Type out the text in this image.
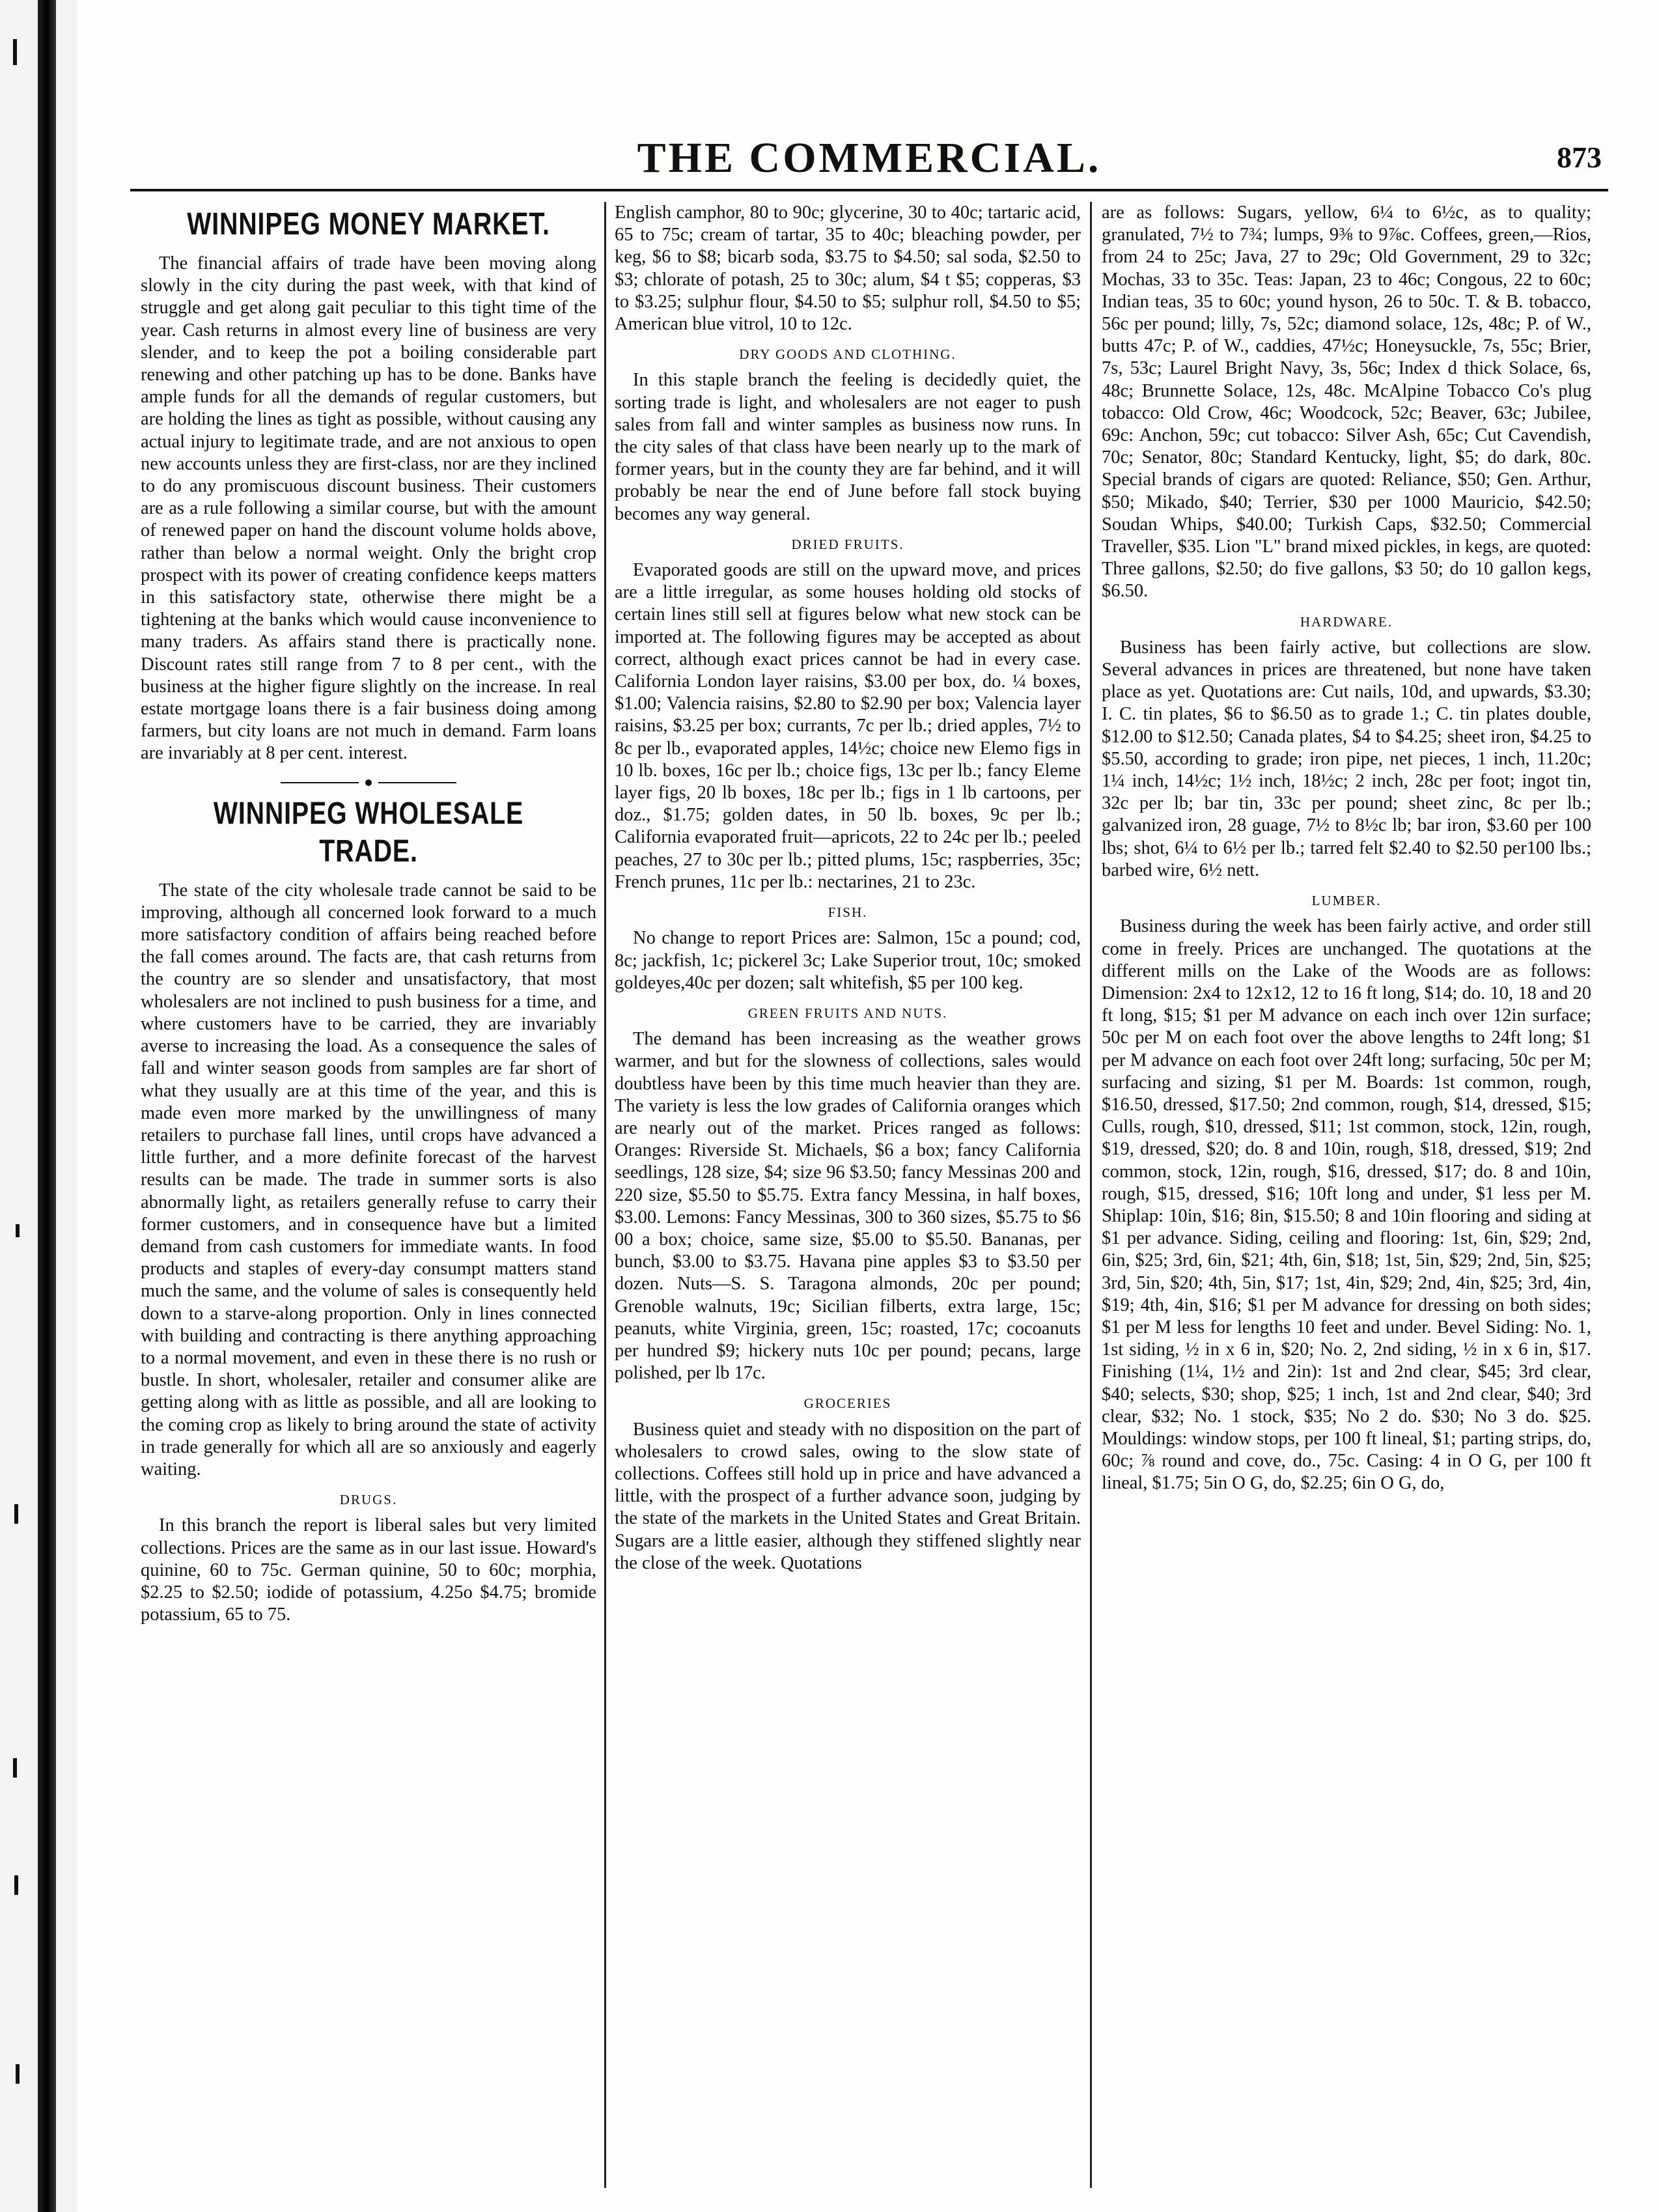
THE COMMERCIAL.	873
WINNIPEG MONEY MARKET.

The financial affairs of trade have been moving along slowly in the city during the past week, with that kind of struggle and get along gait peculiar to this tight time of the year. Cash returns in almost every line of business are very slender, and to keep the pot a boiling considerable part renewing and other patching up has to be done. Banks have ample funds for all the demands of regular customers, but are holding the lines as tight as possible, without causing any actual injury to legitimate trade, and are not anxious to open new accounts unless they are first-class, nor are they inclined to do any promiscuous discount business. Their customers are as a rule following a similar course, but with the amount of renewed paper on hand the discount volume holds above, rather than below a normal weight. Only the bright crop prospect with its power of creating confidence keeps matters in this satisfactory state, otherwise there might be a tightening at the banks which would cause inconvenience to many traders. As affairs stand there is practically none. Discount rates still range from 7 to 8 per cent., with the business at the higher figure slightly on the increase. In real estate mortgage loans there is a fair business doing among farmers, but city loans are not much in demand. Farm loans are invariably at 8 per cent. interest.

WINNIPEG WHOLESALE TRADE.

The state of the city wholesale trade cannot be said to be improving, although all concerned look forward to a much more satisfactory condition of affairs being reached before the fall comes around. The facts are, that cash returns from the country are so slender and unsatisfactory, that most wholesalers are not inclined to push business for a time, and where customers have to be carried, they are invariably averse to increasing the load. As a consequence the sales of fall and winter season goods from samples are far short of what they usually are at this time of the year, and this is made even more marked by the unwillingness of many retailers to purchase fall lines, until crops have advanced a little further, and a more definite forecast of the harvest results can be made. The trade in summer sorts is also abnormally light, as retailers generally refuse to carry their former customers, and in consequence have but a limited demand from cash customers for immediate wants. In food products and staples of every-day consumpt matters stand much the same, and the volume of sales is consequently held down to a starve-along proportion. Only in lines connected with building and contracting is there anything approaching to a normal movement, and even in these there is no rush or bustle. In short, wholesaler, retailer and consumer alike are getting along with as little as possible, and all are looking to the coming crop as likely to bring around the state of activity in trade generally for which all are so anxiously and eagerly waiting.

DRUGS.

In this branch the report is liberal sales but very limited collections. Prices are the same as in our last issue. Howard's quinine, 60 to 75c. German quinine, 50 to 60c; morphia, $2.25 to $2.50; iodide of potassium, 4.25o $4.75; bromide potassium, 65 to 75.

English camphor, 80 to 90c; glycerine, 30 to 40c; tartaric acid, 65 to 75c; cream of tartar, 35 to 40c; bleaching powder, per keg, $6 to $8; bicarb soda, $3.75 to $4.50; sal soda, $2.50 to $3; chlorate of potash, 25 to 30c; alum, $4 t $5; copperas, $3 to $3.25; sulphur flour, $4.50 to $5; sulphur roll, $4.50 to $5; American blue vitrol, 10 to 12c.

DRY GOODS AND CLOTHING.

In this staple branch the feeling is decidedly quiet, the sorting trade is light, and wholesalers are not eager to push sales from fall and winter samples as business now runs. In the city sales of that class have been nearly up to the mark of former years, but in the county they are far behind, and it will probably be near the end of June before fall stock buying becomes any way general.

DRIED FRUITS.

Evaporated goods are still on the upward move, and prices are a little irregular, as some houses holding old stocks of certain lines still sell at figures below what new stock can be imported at. The following figures may be accepted as about correct, although exact prices cannot be had in every case. California London layer raisins, $3.00 per box, do. ¼ boxes, $1.00; Valencia raisins, $2.80 to $2.90 per box; Valencia layer raisins, $3.25 per box; currants, 7c per lb.; dried apples, 7½ to 8c per lb., evaporated apples, 14½c; choice new Elemo figs in 10 lb. boxes, 16c per lb.; choice figs, 13c per lb.; fancy Eleme layer figs, 20 lb boxes, 18c per lb.; figs in 1 lb cartoons, per doz., $1.75; golden dates, in 50 lb. boxes, 9c per lb.; California evaporated fruit—apricots, 22 to 24c per lb.; peeled peaches, 27 to 30c per lb.; pitted plums, 15c; raspberries, 35c; French prunes, 11c per lb.: nectarines, 21 to 23c.

FISH.

No change to report Prices are: Salmon, 15c a pound; cod, 8c; jackfish, 1c; pickerel 3c; Lake Superior trout, 10c; smoked goldeyes,40c per dozen; salt whitefish, $5 per 100 keg.

GREEN FRUITS AND NUTS.

The demand has been increasing as the weather grows warmer, and but for the slowness of collections, sales would doubtless have been by this time much heavier than they are. The variety is less the low grades of California oranges which are nearly out of the market. Prices ranged as follows: Oranges: Riverside St. Michaels, $6 a box; fancy California seedlings, 128 size, $4; size 96 $3.50; fancy Messinas 200 and 220 size, $5.50 to $5.75. Extra fancy Messina, in half boxes, $3.00. Lemons: Fancy Messinas, 300 to 360 sizes, $5.75 to $6 00 a box; choice, same size, $5.00 to $5.50. Bananas, per bunch, $3.00 to $3.75. Havana pine apples $3 to $3.50 per dozen. Nuts—S. S. Taragona almonds, 20c per pound; Grenoble walnuts, 19c; Sicilian filberts, extra large, 15c; peanuts, white Virginia, green, 15c; roasted, 17c; cocoanuts per hundred $9; hickery nuts 10c per pound; pecans, large polished, per lb 17c.

GROCERIES

Business quiet and steady with no disposition on the part of wholesalers to crowd sales, owing to the slow state of collections. Coffees still hold up in price and have advanced a little, with the prospect of a further advance soon, judging by the state of the markets in the United States and Great Britain. Sugars are a little easier, although they stiffened slightly near the close of the week. Quotations

are as follows: Sugars, yellow, 6¼ to 6½c, as to quality; granulated, 7½ to 7¾; lumps, 9⅜ to 9⅞c. Coffees, green,—Rios, from 24 to 25c; Java, 27 to 29c; Old Government, 29 to 32c; Mochas, 33 to 35c. Teas: Japan, 23 to 46c; Congous, 22 to 60c; Indian teas, 35 to 60c; yound hyson, 26 to 50c. T. & B. tobacco, 56c per pound; lilly, 7s, 52c; diamond solace, 12s, 48c; P. of W., butts 47c; P. of W., caddies, 47½c; Honeysuckle, 7s, 55c; Brier, 7s, 53c; Laurel Bright Navy, 3s, 56c; Index d thick Solace, 6s, 48c; Brunnette Solace, 12s, 48c. McAlpine Tobacco Co's plug tobacco: Old Crow, 46c; Woodcock, 52c; Beaver, 63c; Jubilee, 69c: Anchon, 59c; cut tobacco: Silver Ash, 65c; Cut Cavendish, 70c; Senator, 80c; Standard Kentucky, light, $5; do dark, 80c. Special brands of cigars are quoted: Reliance, $50; Gen. Arthur, $50; Mikado, $40; Terrier, $30 per 1000 Mauricio, $42.50; Soudan Whips, $40.00; Turkish Caps, $32.50; Commercial Traveller, $35. Lion "L" brand mixed pickles, in kegs, are quoted: Three gallons, $2.50; do five gallons, $3 50; do 10 gallon kegs, $6.50.

HARDWARE.

Business has been fairly active, but collections are slow. Several advances in prices are threatened, but none have taken place as yet. Quotations are: Cut nails, 10d, and upwards, $3.30; I. C. tin plates, $6 to $6.50 as to grade 1.; C. tin plates double, $12.00 to $12.50; Canada plates, $4 to $4.25; sheet iron, $4.25 to $5.50, according to grade; iron pipe, net pieces, 1 inch, 11.20c; 1¼ inch, 14½c; 1½ inch, 18½c; 2 inch, 28c per foot; ingot tin, 32c per lb; bar tin, 33c per pound; sheet zinc, 8c per lb.; galvanized iron, 28 guage, 7½ to 8½c lb; bar iron, $3.60 per 100 lbs; shot, 6¼ to 6½ per lb.; tarred felt $2.40 to $2.50 per100 lbs.; barbed wire, 6½ nett.

LUMBER.

Business during the week has been fairly active, and order still come in freely. Prices are unchanged. The quotations at the different mills on the Lake of the Woods are as follows: Dimension: 2x4 to 12x12, 12 to 16 ft long, $14; do. 10, 18 and 20 ft long, $15; $1 per M advance on each inch over 12in surface; 50c per M on each foot over the above lengths to 24ft long; $1 per M advance on each foot over 24ft long; surfacing, 50c per M; surfacing and sizing, $1 per M. Boards: 1st common, rough, $16.50, dressed, $17.50; 2nd common, rough, $14, dressed, $15; Culls, rough, $10, dressed, $11; 1st common, stock, 12in, rough, $19, dressed, $20; do. 8 and 10in, rough, $18, dressed, $19; 2nd common, stock, 12in, rough, $16, dressed, $17; do. 8 and 10in, rough, $15, dressed, $16; 10ft long and under, $1 less per M. Shiplap: 10in, $16; 8in, $15.50; 8 and 10in flooring and siding at $1 per advance. Siding, ceiling and flooring: 1st, 6in, $29; 2nd, 6in, $25; 3rd, 6in, $21; 4th, 6in, $18; 1st, 5in, $29; 2nd, 5in, $25; 3rd, 5in, $20; 4th, 5in, $17; 1st, 4in, $29; 2nd, 4in, $25; 3rd, 4in, $19; 4th, 4in, $16; $1 per M advance for dressing on both sides; $1 per M less for lengths 10 feet and under. Bevel Siding: No. 1, 1st siding, ½ in x 6 in, $20; No. 2, 2nd siding, ½ in x 6 in, $17. Finishing (1¼, 1½ and 2in): 1st and 2nd clear, $45; 3rd clear, $40; selects, $30; shop, $25; 1 inch, 1st and 2nd clear, $40; 3rd clear, $32; No. 1 stock, $35; No 2 do. $30; No 3 do. $25. Mouldings: window stops, per 100 ft lineal, $1; parting strips, do, 60c; ⅞ round and cove, do., 75c. Casing: 4 in O G, per 100 ft lineal, $1.75; 5in O G, do, $2.25; 6in O G, do,
